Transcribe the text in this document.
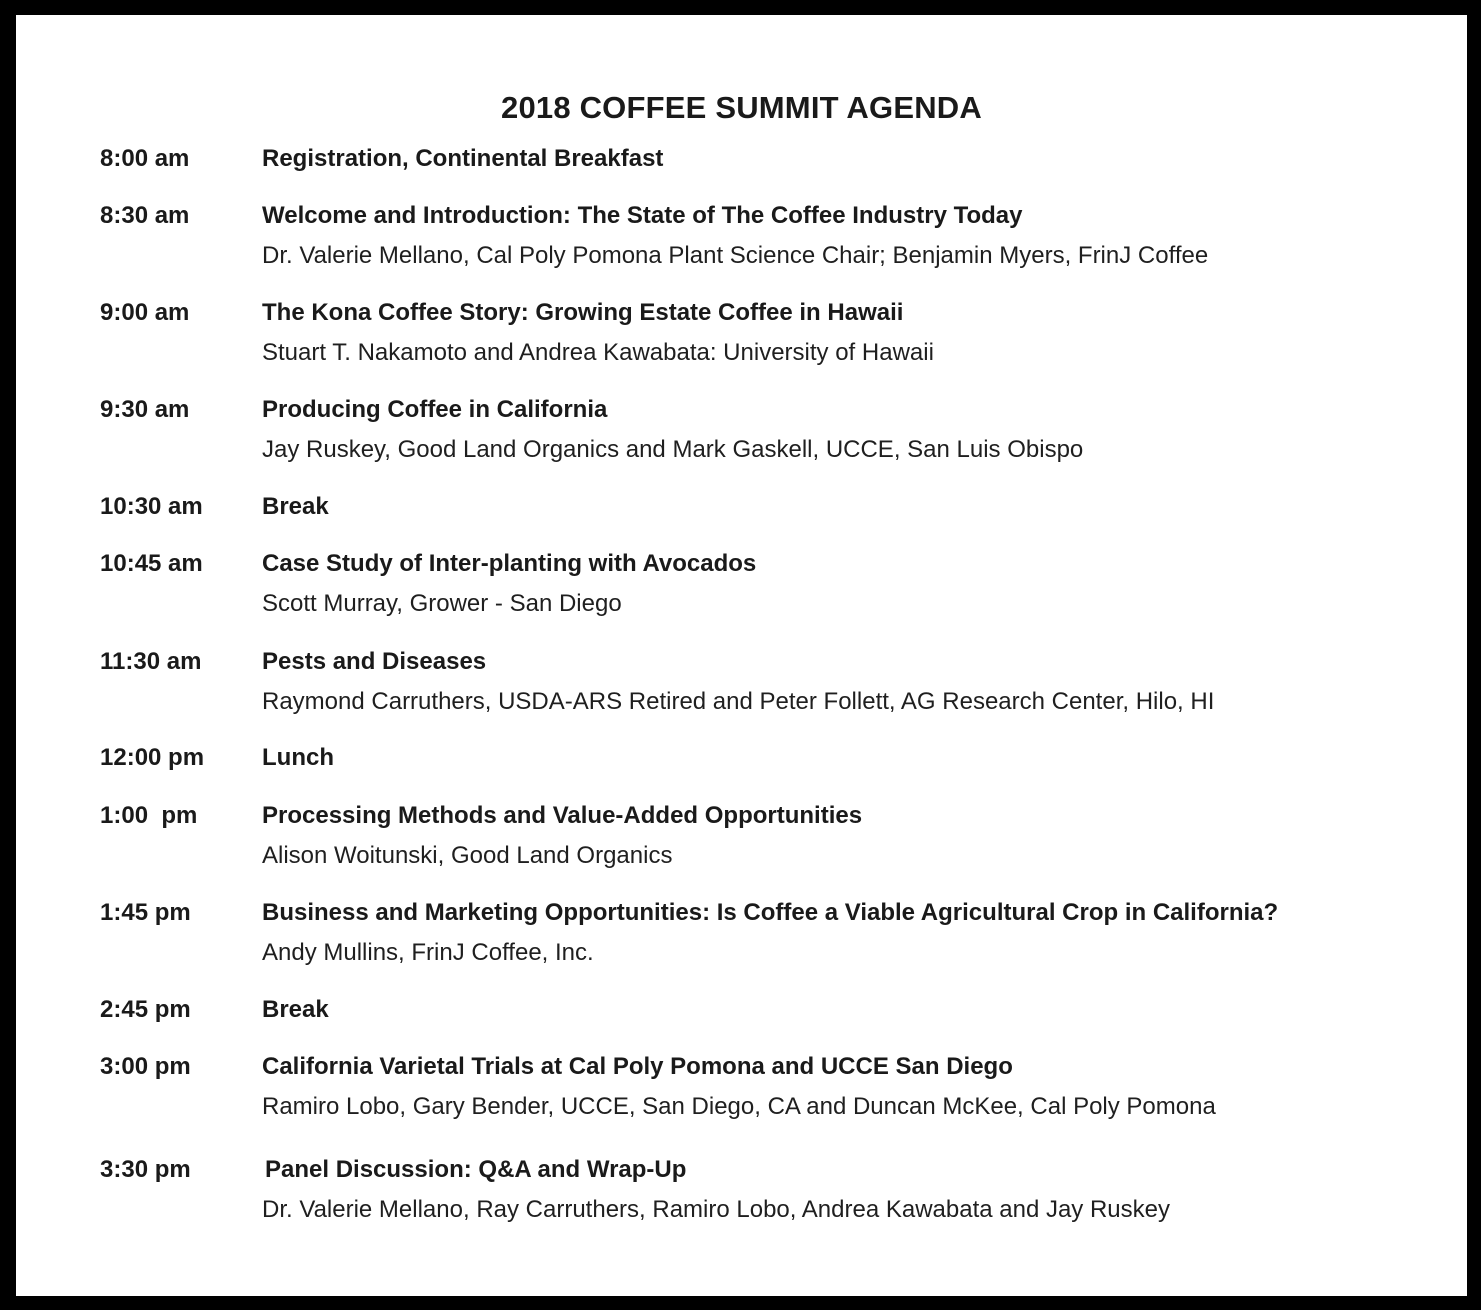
2018 COFFEE SUMMIT AGENDA
8:00 am	Registration, Continental Breakfast
8:30 am	Welcome and Introduction: The State of The Coffee Industry Today
Dr. Valerie Mellano, Cal Poly Pomona Plant Science Chair; Benjamin Myers, FrinJ Coffee
9:00 am	The Kona Coffee Story: Growing Estate Coffee in Hawaii
Stuart T. Nakamoto and Andrea Kawabata: University of Hawaii
9:30 am	Producing Coffee in California
Jay Ruskey, Good Land Organics and Mark Gaskell, UCCE, San Luis Obispo
10:30 am Break
10:45 am Case Study of Inter-planting with Avocados
Scott Murray, Grower - San Diego
11:30 am	Pests and Diseases
Raymond Carruthers, USDA-ARS Retired and Peter Follett, AG Research Center, Hilo, HI
12:00 pm Lunch
1:00  pm	Processing Methods and Value-Added Opportunities
Alison Woitunski, Good Land Organics
1:45 pm	Business and Marketing Opportunities: Is Coffee a Viable Agricultural Crop in California?
Andy Mullins, FrinJ Coffee, Inc.
2:45 pm	Break
3:00 pm	California Varietal Trials at Cal Poly Pomona and UCCE San Diego
Ramiro Lobo, Gary Bender, UCCE, San Diego, CA and Duncan McKee, Cal Poly Pomona
3:30 pm	Panel Discussion: Q&A and Wrap-Up
Dr. Valerie Mellano, Ray Carruthers, Ramiro Lobo, Andrea Kawabata and Jay Ruskey
